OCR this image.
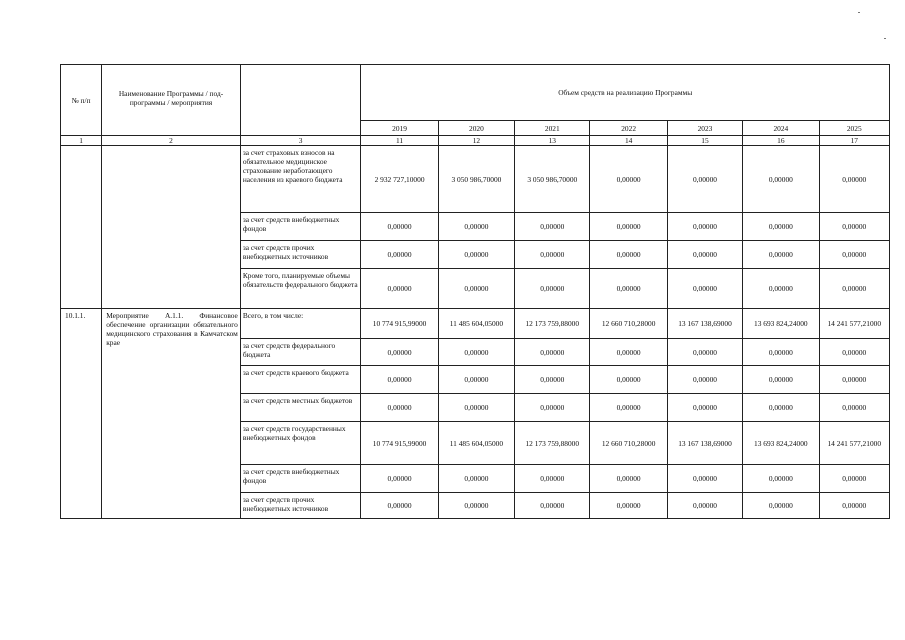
№ п/п	Наименование Программы / под-программы / мероприятия		Объем средств на реализацию Программы						
			2019	2020	2021	2022	2023	2024	2025
1	2	3	11	12	13	14	15	16	17
		за счет страховых взносов на обязательное медицинское страхование неработающего населения из краевого бюджета	2 932 727,10000	3 050 986,70000	3 050 986,70000	0,00000	0,00000	0,00000	0,00000
		за счет средств внебюджетных фондов	0,00000	0,00000	0,00000	0,00000	0,00000	0,00000	0,00000
		за счет средств прочих внебюджетных источников	0,00000	0,00000	0,00000	0,00000	0,00000	0,00000	0,00000
		Кроме того, планируемые объемы обязательств федерального бюджета	0,00000	0,00000	0,00000	0,00000	0,00000	0,00000	0,00000
10.1.1.	Мероприятие А.1.1. Финансовое обеспечение организации обязательного медицинского страхования в Камчатском крае	Всего, в том числе:	10 774 915,99000	11 485 604,05000	12 173 759,88000	12 660 710,28000	13 167 138,69000	13 693 824,24000	14 241 577,21000
		за счет средств федерального бюджета	0,00000	0,00000	0,00000	0,00000	0,00000	0,00000	0,00000
		за счет средств краевого бюджета	0,00000	0,00000	0,00000	0,00000	0,00000	0,00000	0,00000
		за счет средств местных бюджетов	0,00000	0,00000	0,00000	0,00000	0,00000	0,00000	0,00000
		за счет средств государственных внебюджетных фондов	10 774 915,99000	11 485 604,05000	12 173 759,88000	12 660 710,28000	13 167 138,69000	13 693 824,24000	14 241 577,21000
		за счет средств внебюджетных фондов	0,00000	0,00000	0,00000	0,00000	0,00000	0,00000	0,00000
		за счет средств прочих внебюджетных источников	0,00000	0,00000	0,00000	0,00000	0,00000	0,00000	0,00000
